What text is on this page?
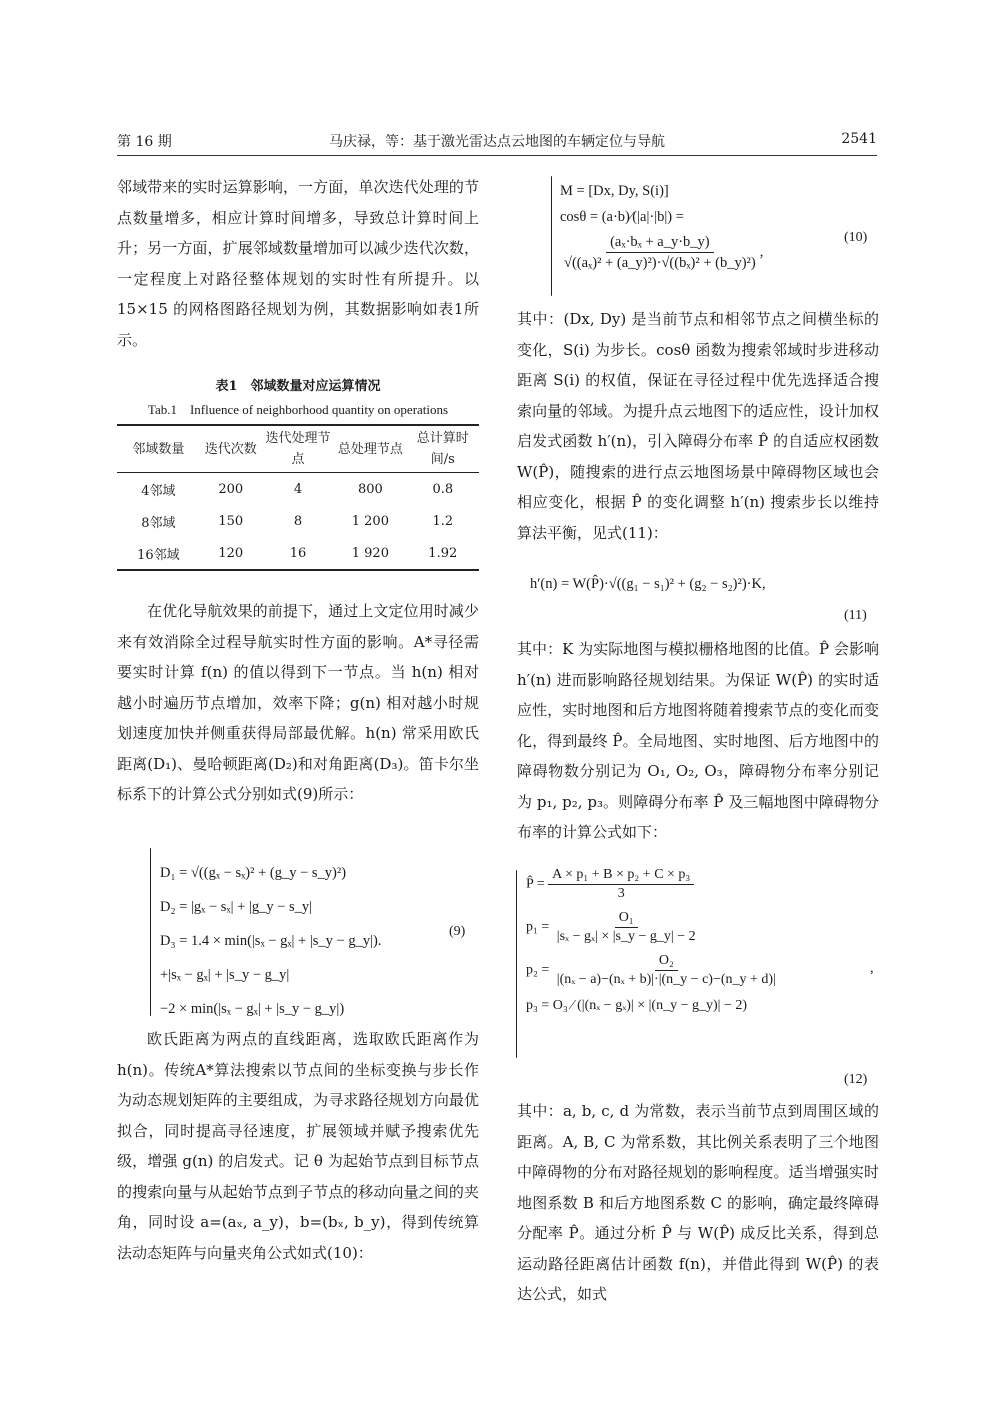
第 16 期	马庆禄，等：基于激光雷达点云地图的车辆定位与导航	2541

邻域带来的实时运算影响，一方面，单次迭代处理的节点数量增多，相应计算时间增多，导致总计算时间上升；另一方面，扩展邻域数量增加可以减少迭代次数，一定程度上对路径整体规划的实时性有所提升。以 15×15 的网格图路径规划为例，其数据影响如表1所示。

表1　邻域数量对应运算情况
Tab.1　Influence of neighborhood quantity on operations
邻域数量	迭代次数	迭代处理节点	总处理节点	总计算时间/s
4邻域	200	4	800	0.8
8邻域	150	8	1 200	1.2
16邻域	120	16	1 920	1.92

在优化导航效果的前提下，通过上文定位用时减少来有效消除全过程导航实时性方面的影响。A*寻径需要实时计算 f(n) 的值以得到下一节点。当 h(n) 相对越小时遍历节点增加，效率下降；g(n) 相对越小时规划速度加快并侧重获得局部最优解。h(n) 常采用欧氏距离(D₁)、曼哈顿距离(D₂)和对角距离(D₃)。笛卡尔坐标系下的计算公式分别如式(9)所示：

D₁ = √((gₓ − sₓ)² + (g_y − s_y)²)
D₂ = |gₓ − sₓ| + |g_y − s_y|
D₃ = 1.4 × min(|sₓ − gₓ| + |s_y − g_y|).
+|sₓ − gₓ| + |s_y − g_y|
−2 × min(|sₓ − gₓ| + |s_y − g_y|)
(9)

欧氏距离为两点的直线距离，选取欧氏距离作为 h(n)。传统A*算法搜索以节点间的坐标变换与步长作为动态规划矩阵的主要组成，为寻求路径规划方向最优拟合，同时提高寻径速度，扩展领域并赋予搜索优先级，增强 g(n) 的启发式。记 θ 为起始节点到目标节点的搜索向量与从起始节点到子节点的移动向量之间的夹角，同时设 a=(aₓ, a_y)，b=(bₓ, b_y)，得到传统算法动态矩阵与向量夹角公式如式(10)：

M = [Dx, Dy, S(i)]
cosθ = (a·b)⁄(|a|·|b|) =
$\frac{\text{(aₓ·bₓ + a\_y·b\_y)}}{\text{√((aₓ)² + (a\_y)²)·√((bₓ)² + (b\_y)²)}}$ ,
(10)

其中：(Dx, Dy) 是当前节点和相邻节点之间横坐标的变化，S(i) 为步长。cosθ 函数为搜索邻域时步进移动距离 S(i) 的权值，保证在寻径过程中优先选择适合搜索向量的邻域。为提升点云地图下的适应性，设计加权启发式函数 h′(n)，引入障碍分布率 P̂ 的自适应权函数 W(P̂)，随搜索的进行点云地图场景中障碍物区域也会相应变化，根据 P̂ 的变化调整 h′(n) 搜索步长以维持算法平衡，见式(11)：

h′(n) = W(P̂)·√((g₁ − s₁)² + (g₂ − s₂)²)·K,
(11)

其中：K 为实际地图与模拟栅格地图的比值。P̂ 会影响 h′(n) 进而影响路径规划结果。为保证 W(P̂) 的实时适应性，实时地图和后方地图将随着搜索节点的变化而变化，得到最终 P̂。全局地图、实时地图、后方地图中的障碍物数分别记为 O₁, O₂, O₃，障碍物分布率分别记为 p₁, p₂, p₃。则障碍分布率 P̂ 及三幅地图中障碍物分布率的计算公式如下：

P̂ = $\frac{\text{A × p₁ + B × p₂ + C × p₃}}{3}$
$p_1 = \frac{\text{O₁}}{\text{|sₓ − gₓ| × |s\_y − g\_y| − 2}}$
$p_2 = \frac{\text{O₂}}{\text{|(nₓ − a)−(nₓ + b)|·|(n\_y − c)−(n\_y + d)|}}$
p₃ = O₃ ⁄ (|(nₓ − gₓ)| × |(n_y − g_y)| − 2)
,
(12)

其中：a, b, c, d 为常数，表示当前节点到周围区域的距离。A, B, C 为常系数，其比例关系表明了三个地图中障碍物的分布对路径规划的影响程度。适当增强实时地图系数 B 和后方地图系数 C 的影响，确定最终障碍分配率 P̂。通过分析 P̂ 与 W(P̂) 成反比关系，得到总运动路径距离估计函数 f(n)，并借此得到 W(P̂) 的表达公式，如式
